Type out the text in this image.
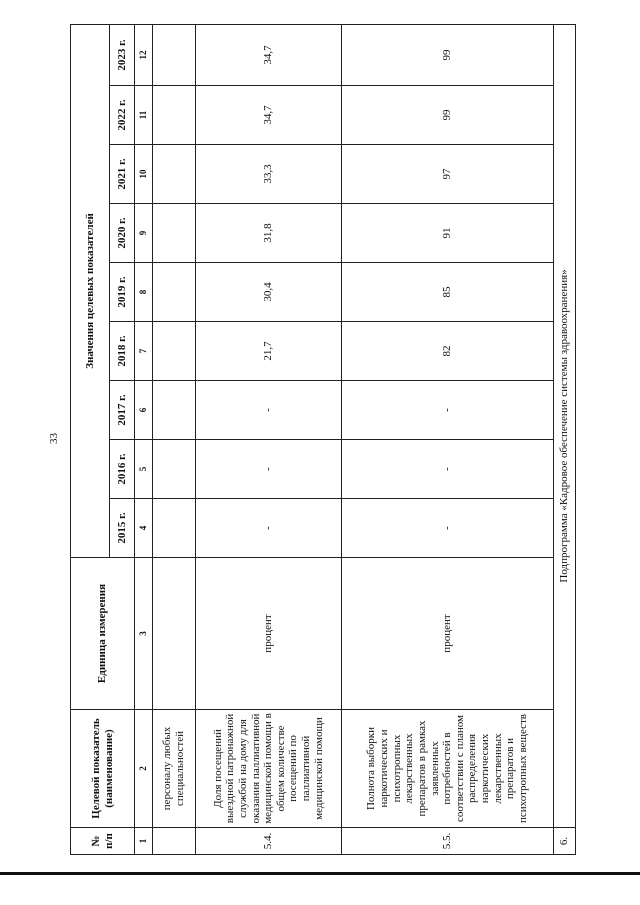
33
№ п/п	Целевой показатель (наименование)	Единица измерения	Значения целевых показателей								
			2015 г.	2016 г.	2017 г.	2018 г.	2019 г.	2020 г.	2021 г.	2022 г.	2023 г.
1	2	3	4	5	6	7	8	9	10	11	12
	персоналу любых специальностей										
5.4.	Доля посещений выездной патронажной службой на дому для оказания паллиативной медицинской помощи в общем количестве посещений по паллиативной медицинской помощи	процент	-	-	-	21,7	30,4	31,8	33,3	34,7	34,7
5.5.	Полнота выборки наркотических и психотропных лекарственных препаратов в рамках заявленных потребностей в соответствии с планом распределения наркотических лекарственных препаратов и психотропных веществ	процент	-	-	-	82	85	91	97	99	99
6.	Подпрограмма «Кадровое обеспечение системы здравоохранения»										
